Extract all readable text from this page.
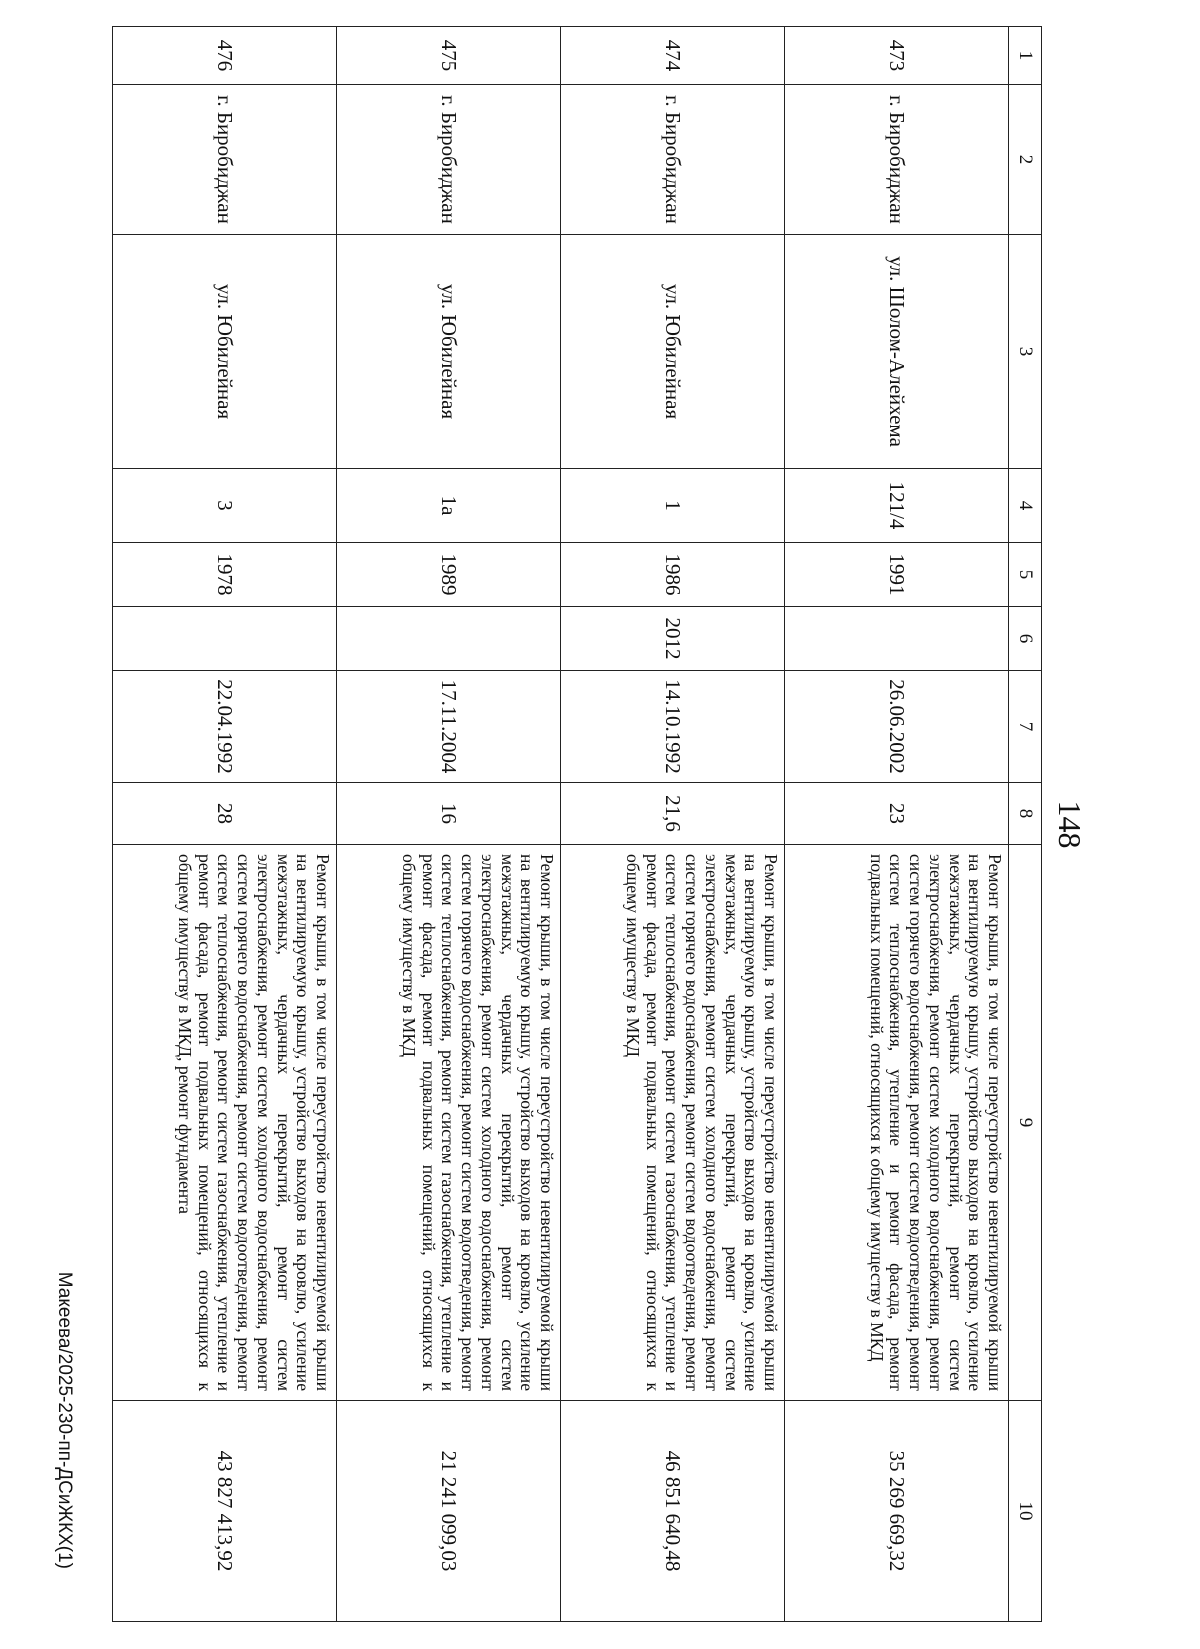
148
1	2	3	4	5	6	7	8	9	10
473	г. Биробиджан	ул. Шолом-Алейхема	121/4	1991		26.06.2002	23	Ремонт крыши, в том числе переустройство невентилируемой крыши на вентилируемую крышу, устройство выходов на кровлю, усиление межэтажных, чердачных перекрытий, ремонт систем электроснабжения, ремонт систем холодного водоснабжения, ремонт систем горячего водоснабжения, ремонт систем водоотведения, ремонт систем теплоснабжения, утепление и ремонт фасада, ремонт подвальных помещений, относящихся к общему имуществу в МКД	35 269 669,32
474	г. Биробиджан	ул. Юбилейная	1	1986	2012	14.10.1992	21,6	Ремонт крыши, в том числе переустройство невентилируемой крыши на вентилируемую крышу, устройство выходов на кровлю, усиление межэтажных, чердачных перекрытий, ремонт систем электроснабжения, ремонт систем холодного водоснабжения, ремонт систем горячего водоснабжения, ремонт систем водоотведения, ремонт систем теплоснабжения, ремонт систем газоснабжения, утепление и ремонт фасада, ремонт подвальных помещений, относящихся к общему имуществу в МКД	46 851 640,48
475	г. Биробиджан	ул. Юбилейная	1а	1989		17.11.2004	16	Ремонт крыши, в том числе переустройство невентилируемой крыши на вентилируемую крышу, устройство выходов на кровлю, усиление межэтажных, чердачных перекрытий, ремонт систем электроснабжения, ремонт систем холодного водоснабжения, ремонт систем горячего водоснабжения, ремонт систем водоотведения, ремонт систем теплоснабжения, ремонт систем газоснабжения, утепление и ремонт фасада, ремонт подвальных помещений, относящихся к общему имуществу в МКД	21 241 099,03
476	г. Биробиджан	ул. Юбилейная	3	1978		22.04.1992	28	Ремонт крыши, в том числе переустройство невентилируемой крыши на вентилируемую крышу, устройство выходов на кровлю, усиление межэтажных, чердачных перекрытий, ремонт систем электроснабжения, ремонт систем холодного водоснабжения, ремонт систем горячего водоснабжения, ремонт систем водоотведения, ремонт систем теплоснабжения, ремонт систем газоснабжения, утепление и ремонт фасада, ремонт подвальных помещений, относящихся к общему имуществу в МКД, ремонт фундамента	43 827 413,92
Макеева/2025-230-пп-ДСиЖКХ(1)
